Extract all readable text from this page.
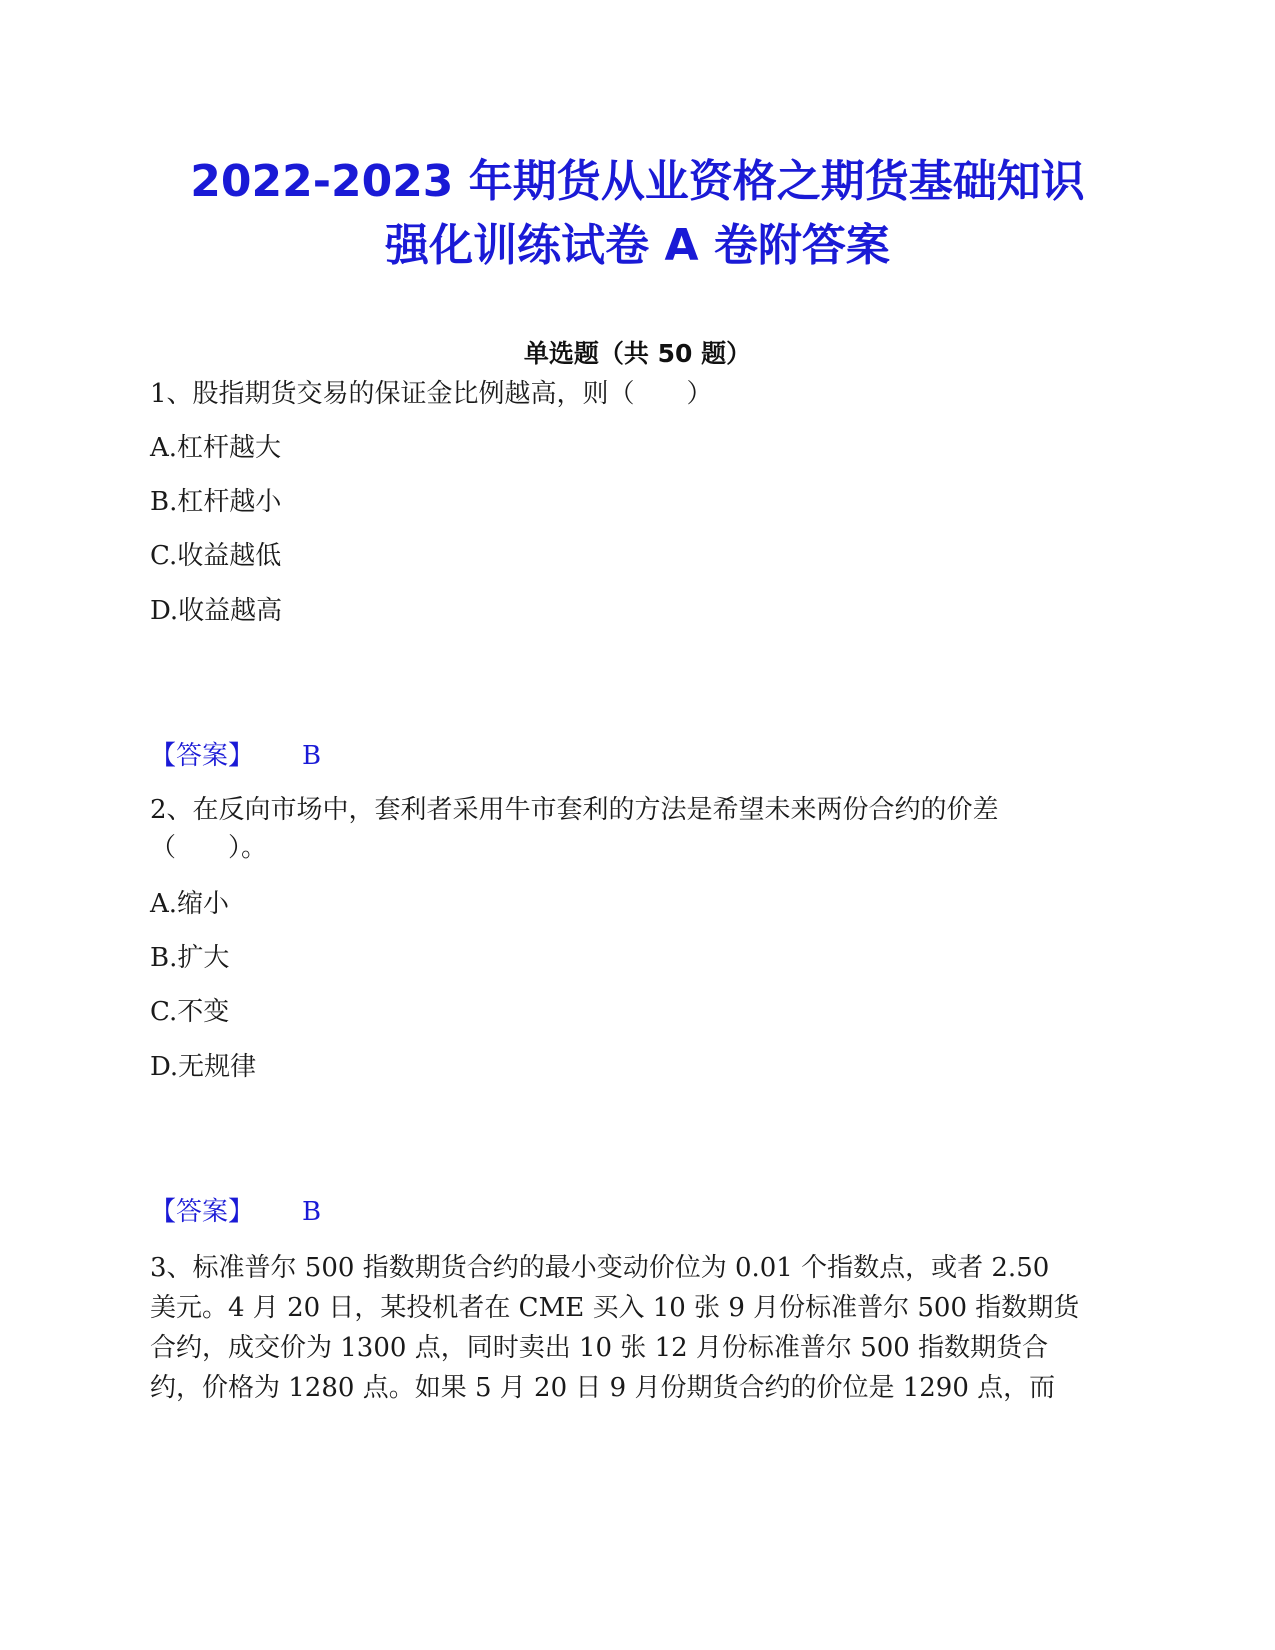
2022-2023 年期货从业资格之期货基础知识
强化训练试卷 A 卷附答案
单选题（共 50 题）
1、股指期货交易的保证金比例越高，则（　　）
A.杠杆越大
B.杠杆越小
C.收益越低
D.收益越高
【答案】 B
2、在反向市场中，套利者采用牛市套利的方法是希望未来两份合约的价差
（　　）。
A.缩小
B.扩大
C.不变
D.无规律
【答案】 B
3、标准普尔 500 指数期货合约的最小变动价位为 0.01 个指数点，或者 2.50
美元。4 月 20 日，某投机者在 CME 买入 10 张 9 月份标准普尔 500 指数期货
合约，成交价为 1300 点，同时卖出 10 张 12 月份标准普尔 500 指数期货合
约，价格为 1280 点。如果 5 月 20 日 9 月份期货合约的价位是 1290 点，而
